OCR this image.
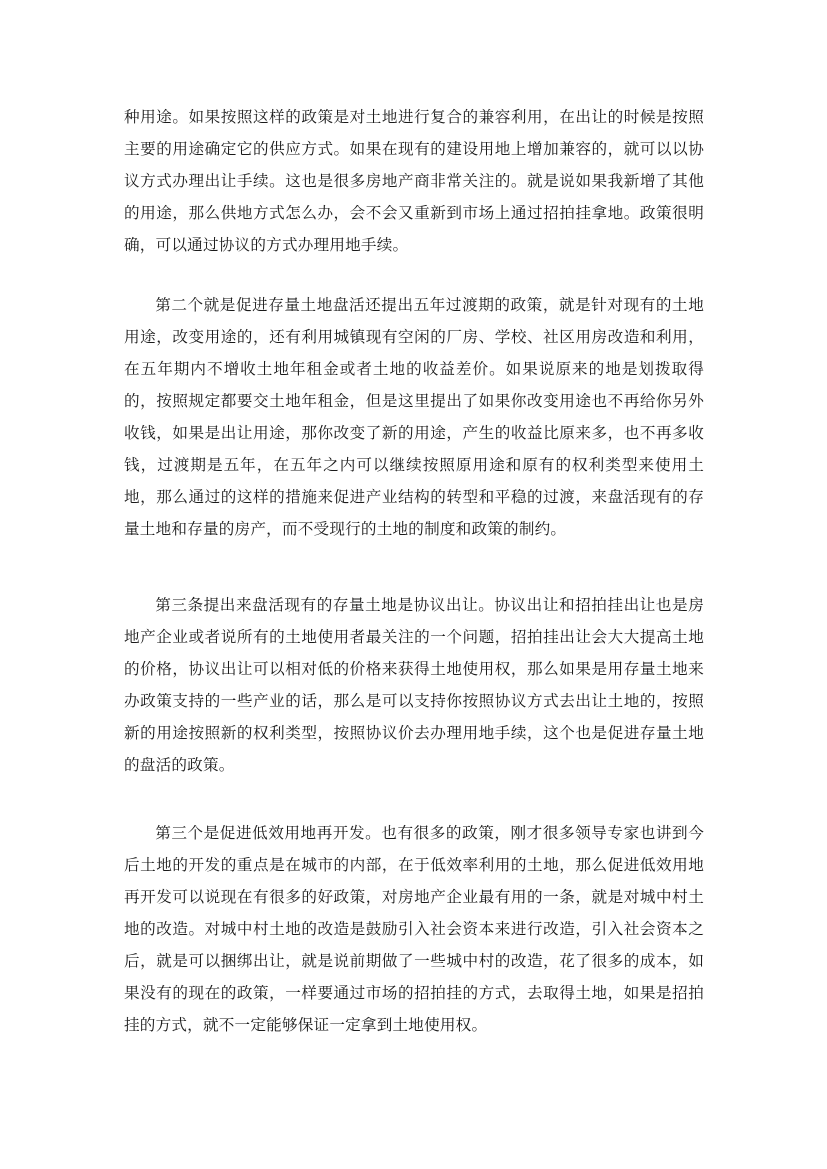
种用途。如果按照这样的政策是对土地进行复合的兼容利用，在出让的时候是按照主要的用途确定它的供应方式。如果在现有的建设用地上增加兼容的，就可以以协议方式办理出让手续。这也是很多房地产商非常关注的。就是说如果我新增了其他的用途，那么供地方式怎么办，会不会又重新到市场上通过招拍挂拿地。政策很明确，可以通过协议的方式办理用地手续。

第二个就是促进存量土地盘活还提出五年过渡期的政策，就是针对现有的土地用途，改变用途的，还有利用城镇现有空闲的厂房、学校、社区用房改造和利用，在五年期内不增收土地年租金或者土地的收益差价。如果说原来的地是划拨取得的，按照规定都要交土地年租金，但是这里提出了如果你改变用途也不再给你另外收钱，如果是出让用途，那你改变了新的用途，产生的收益比原来多，也不再多收钱，过渡期是五年，在五年之内可以继续按照原用途和原有的权利类型来使用土地，那么通过的这样的措施来促进产业结构的转型和平稳的过渡，来盘活现有的存量土地和存量的房产，而不受现行的土地的制度和政策的制约。

第三条提出来盘活现有的存量土地是协议出让。协议出让和招拍挂出让也是房地产企业或者说所有的土地使用者最关注的一个问题，招拍挂出让会大大提高土地的价格，协议出让可以相对低的价格来获得土地使用权，那么如果是用存量土地来办政策支持的一些产业的话，那么是可以支持你按照协议方式去出让土地的，按照新的用途按照新的权利类型，按照协议价去办理用地手续，这个也是促进存量土地的盘活的政策。

第三个是促进低效用地再开发。也有很多的政策，刚才很多领导专家也讲到今后土地的开发的重点是在城市的内部，在于低效率利用的土地，那么促进低效用地再开发可以说现在有很多的好政策，对房地产企业最有用的一条，就是对城中村土地的改造。对城中村土地的改造是鼓励引入社会资本来进行改造，引入社会资本之后，就是可以捆绑出让，就是说前期做了一些城中村的改造，花了很多的成本，如果没有的现在的政策，一样要通过市场的招拍挂的方式，去取得土地，如果是招拍挂的方式，就不一定能够保证一定拿到土地使用权。
